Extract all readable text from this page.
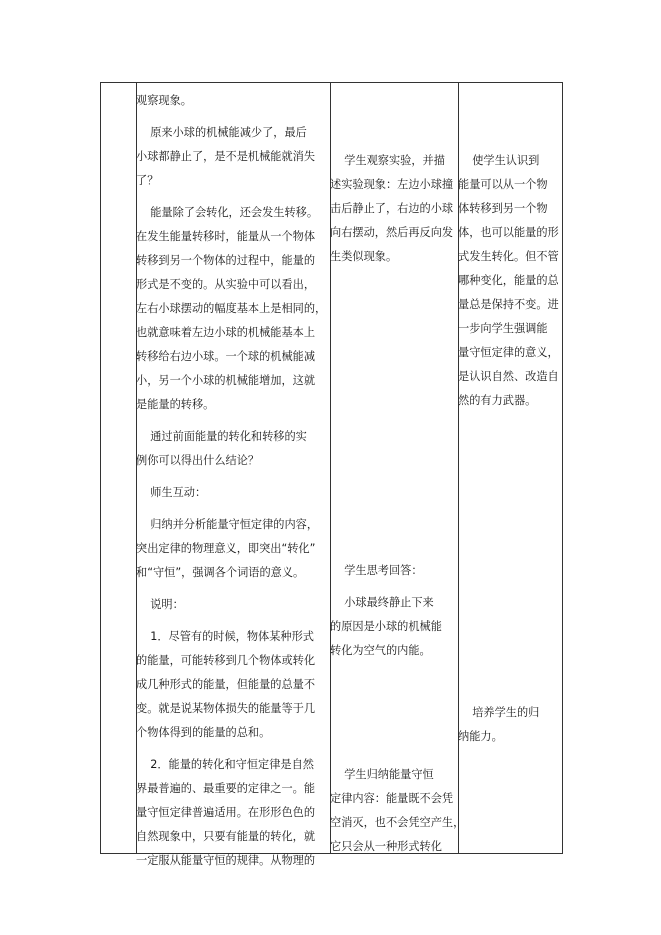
观察现象。

原来小球的机械能减少了，最后

小球都静止了，是不是机械能就消失

了？

能量除了会转化，还会发生转移。

在发生能量转移时，能量从一个物体

转移到另一个物体的过程中，能量的

形式是不变的。从实验中可以看出，

左右小球摆动的幅度基本上是相同的，

也就意味着左边小球的机械能基本上

转移给右边小球。一个球的机械能减

小，另一个小球的机械能增加，这就

是能量的转移。

通过前面能量的转化和转移的实

例你可以得出什么结论？

师生互动：

归纳并分析能量守恒定律的内容，

突出定律的物理意义，即突出“转化”

和“守恒”，强调各个词语的意义。

说明：

1．尽管有的时候，物体某种形式

的能量，可能转移到几个物体或转化

成几种形式的能量，但能量的总量不

变。就是说某物体损失的能量等于几

个物体得到的能量的总和。

2．能量的转化和守恒定律是自然

界最普遍的、最重要的定律之一。能

量守恒定律普遍适用。在形形色色的

自然现象中，只要有能量的转化，就

一定服从能量守恒的规律。从物理的

学生观察实验，并描

述实验现象：左边小球撞

击后静止了，右边的小球

向右摆动，然后再反向发

生类似现象。

学生思考回答：

小球最终静止下来

的原因是小球的机械能

转化为空气的内能。

学生归纳能量守恒

定律内容：能量既不会凭

空消灭，也不会凭空产生，

它只会从一种形式转化

使学生认识到

能量可以从一个物

体转移到另一个物

体，也可以能量的形

式发生转化。但不管

哪种变化，能量的总

量总是保持不变。进

一步向学生强调能

量守恒定律的意义，

是认识自然、改造自

然的有力武器。

培养学生的归

纳能力。
